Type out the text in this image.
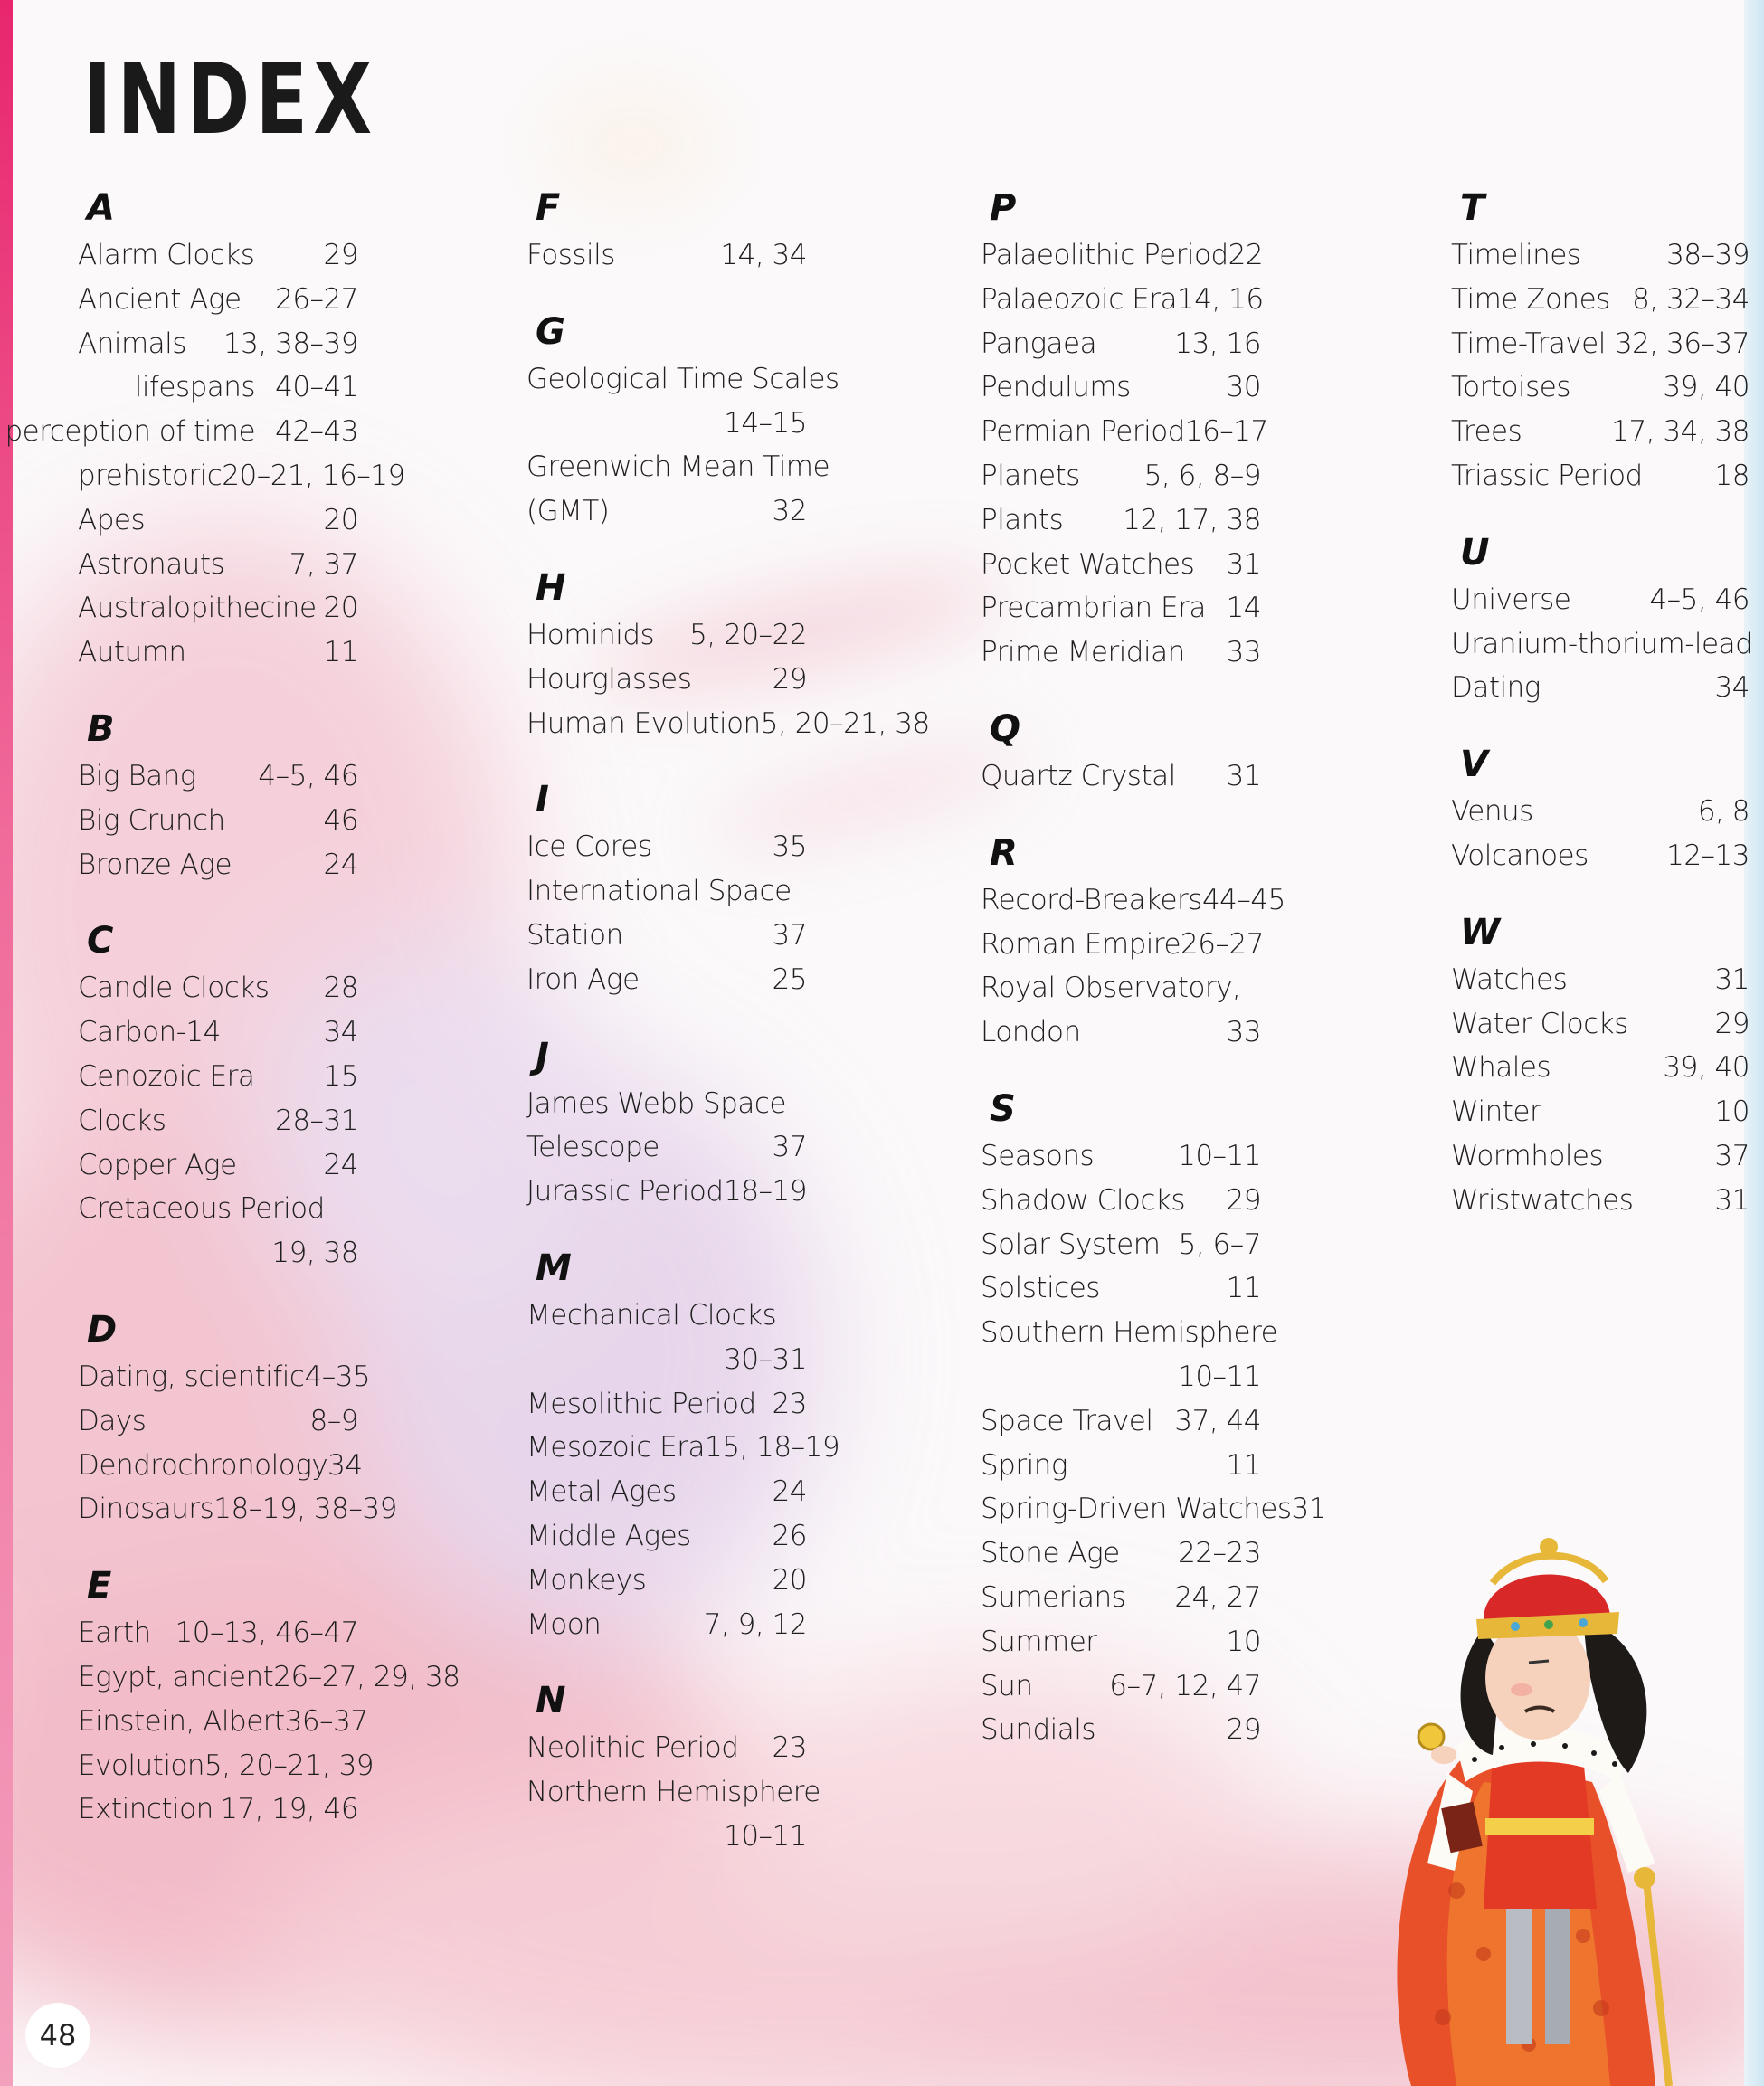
INDEX
A
Alarm Clocks 29
Ancient Age 26–27
Animals 13, 38–39
lifespans 40–41
perception of time 42–43
prehistoric 20–21, 16–19
Apes	20
Astronauts 7, 37
Australopithecine 20
Autumn	11
B
Big Bang 4–5, 46
Big Crunch	46
Bronze Age	24
C
Candle Clocks 28
Carbon-14	34
Cenozoic Era 15
Clocks	28–31
Copper Age	24
Cretaceous Period
19, 38
D
Dating, scientific 4–35
Days	8–9
Dendrochronology 34
Dinosaurs 18–19, 38–39
E
Earth 10–13, 46–47
Egypt, ancient 26–27, 29, 38
Einstein, Albert 36–37
Evolution 5, 20–21, 39
Extinction 17, 19, 46
F
Fossils	14, 34
G
Geological Time Scales
14–15
Greenwich Mean Time
(GMT)	32
H
Hominids 5, 20–22
Hourglasses	29
Human Evolution 5, 20–21, 38
I
Ice Cores	35
International Space
Station	37
Iron Age	25
J
James Webb Space
Telescope	37
Jurassic Period 18–19
M
Mechanical Clocks
30–31
Mesolithic Period 23
Mesozoic Era 15, 18–19
Metal Ages	24
Middle Ages	26
Monkeys	20
Moon	7, 9, 12
N
Neolithic Period 23
Northern Hemisphere
10–11
P
Palaeolithic Period 22
Palaeozoic Era 14, 16
Pangaea	13, 16
Pendulums	30
Permian Period 16–17
Planets 5, 6, 8–9
Plants 12, 17, 38
Pocket Watches 31
Precambrian Era 14
Prime Meridian 33
Q
Quartz Crystal 31
R
Record-Breakers 44–45
Roman Empire 26–27
Royal Observatory,
London	33
S
Seasons	10–11
Shadow Clocks 29
Solar System 5, 6–7
Solstices	11
Southern Hemisphere
10–11
Space Travel 37, 44
Spring	11
Spring-Driven Watches 31
Stone Age 22–23
Sumerians 24, 27
Summer	10
Sun	6–7, 12, 47
Sundials	29
T
Timelines	38–39
Time Zones 8, 32–34
Time-Travel 32, 36–37
Tortoises	39, 40
Trees	17, 34, 38
Triassic Period	18
U
Universe	4–5, 46
Uranium-thorium-lead
Dating	34
V
Venus	6, 8
Volcanoes	12–13
W
Watches	31
Water Clocks	29
Whales	39, 40
Winter	10
Wormholes	37
Wristwatches	31
48
